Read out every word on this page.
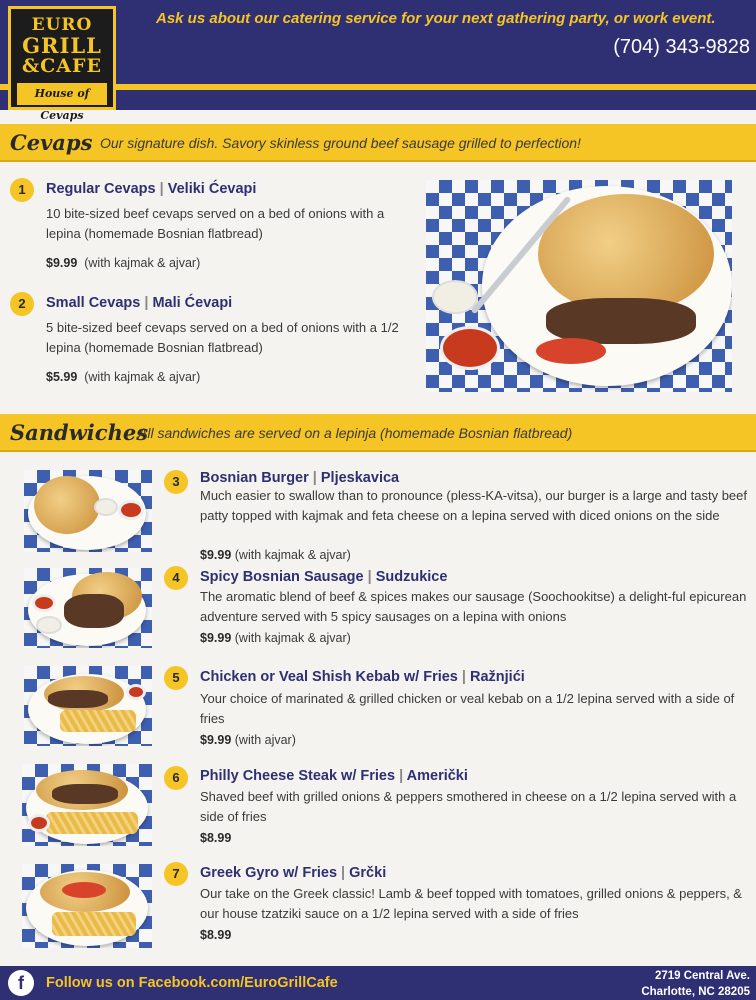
EURO
GRILL
&CAFE
House of Cevaps
Ask us about our catering service for your next gathering party, or work event.
(704) 343-9828
Cevaps Our signature dish. Savory skinless ground beef sausage grilled to perfection!
1	Regular Cevaps | Veliki Ćevapi
10 bite-sized beef cevaps served on a bed of onions with a lepina (homemade Bosnian flatbread)
$9.99 (with kajmak & ajvar)
2	Small Cevaps | Mali Ćevapi
5 bite-sized beef cevaps served on a bed of onions with a 1/2 lepina (homemade Bosnian flatbread)
$5.99 (with kajmak & ajvar)
Sandwiches
All sandwiches are served on a lepinja (homemade Bosnian flatbread)
3	Bosnian Burger | Pljeskavica
Much easier to swallow than to pronounce (pless-KA-vitsa), our burger is a large and tasty beef patty topped with kajmak and feta cheese on a lepina served with diced onions on the side
$9.99 (with kajmak & ajvar)
4	Spicy Bosnian Sausage | Sudzukice
The aromatic blend of beef & spices makes our sausage (Soochookitse) a delight-ful epicurean adventure served with 5 spicy sausages on a lepina with onions
$9.99 (with kajmak & ajvar)
5	Chicken or Veal Shish Kebab w/ Fries | Ražnjići
Your choice of marinated & grilled chicken or veal kebab on a 1/2 lepina served with a side of fries
$9.99 (with ajvar)
6	Philly Cheese Steak w/ Fries | Američki
Shaved beef with grilled onions & peppers smothered in cheese on a 1/2 lepina served with a side of fries
$8.99
7	Greek Gyro w/ Fries | Grčki
Our take on the Greek classic! Lamb & beef topped with tomatoes, grilled onions & peppers, & our house tzatziki sauce on a 1/2 lepina served with a side of fries
$8.99
f	Follow us on Facebook.com/EuroGrillCafe	2719 Central Ave.
Charlotte, NC 28205
